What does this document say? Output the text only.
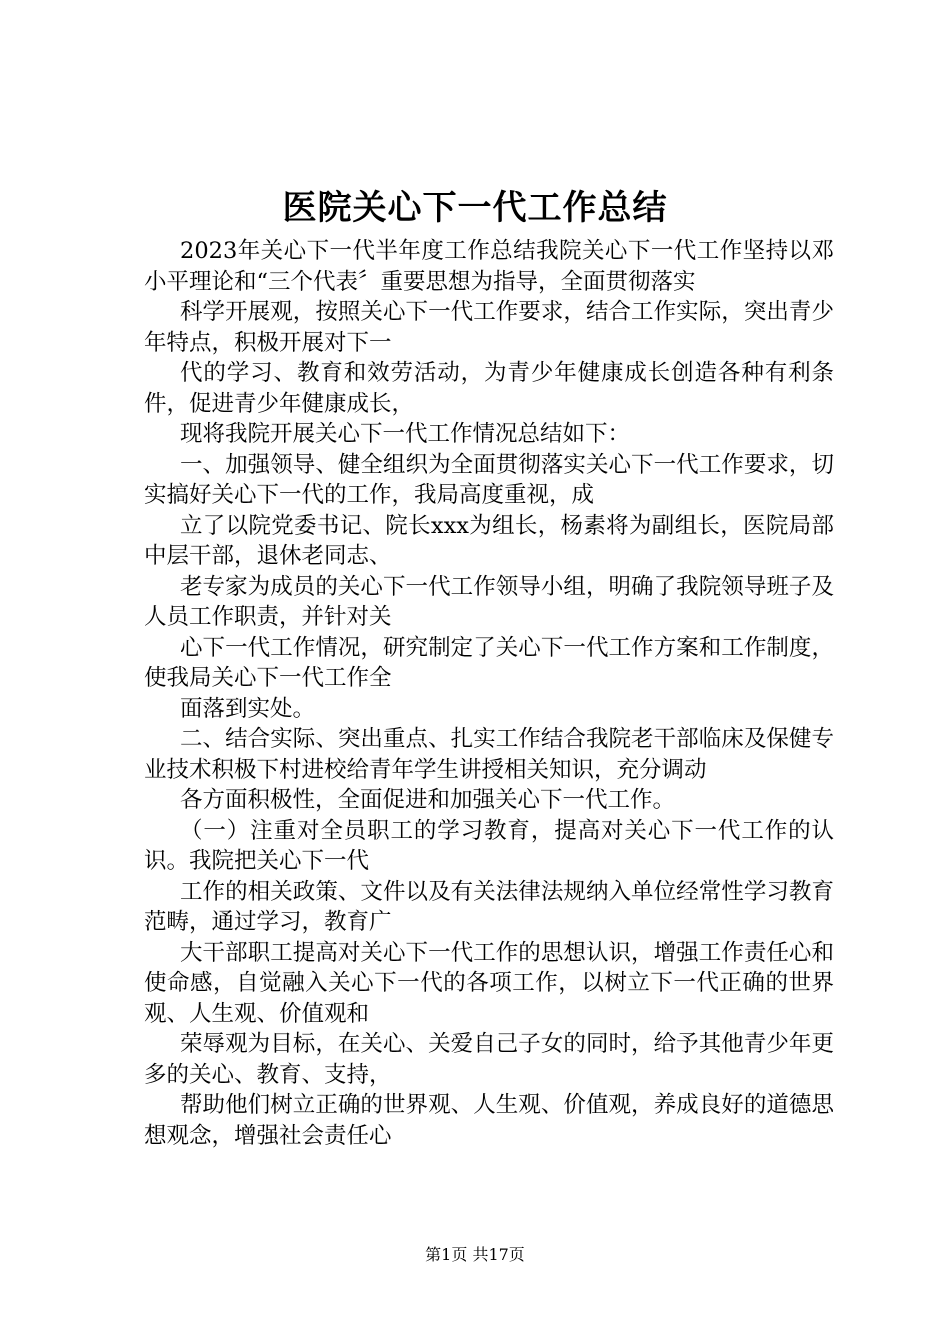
医院关心下一代工作总结

2023年关心下一代半年度工作总结我院关心下一代工作坚持以邓小平理论和“三个代表〞重要思想为指导，全面贯彻落实

科学开展观，按照关心下一代工作要求，结合工作实际，突出青少年特点，积极开展对下一

代的学习、教育和效劳活动，为青少年健康成长创造各种有利条件，促进青少年健康成长，

现将我院开展关心下一代工作情况总结如下：

一、加强领导、健全组织为全面贯彻落实关心下一代工作要求，切实搞好关心下一代的工作，我局高度重视，成

立了以院党委书记、院长xxx为组长，杨素将为副组长，医院局部中层干部，退休老同志、

老专家为成员的关心下一代工作领导小组，明确了我院领导班子及人员工作职责，并针对关

心下一代工作情况，研究制定了关心下一代工作方案和工作制度，使我局关心下一代工作全

面落到实处。

二、结合实际、突出重点、扎实工作结合我院老干部临床及保健专业技术积极下村进校给青年学生讲授相关知识，充分调动

各方面积极性，全面促进和加强关心下一代工作。

（一）注重对全员职工的学习教育，提高对关心下一代工作的认识。我院把关心下一代

工作的相关政策、文件以及有关法律法规纳入单位经常性学习教育范畴，通过学习，教育广

大干部职工提高对关心下一代工作的思想认识，增强工作责任心和使命感，自觉融入关心下一代的各项工作，以树立下一代正确的世界观、人生观、价值观和

荣辱观为目标，在关心、关爱自己子女的同时，给予其他青少年更多的关心、教育、支持，

帮助他们树立正确的世界观、人生观、价值观，养成良好的道德思想观念，增强社会责任心

第1页 共17页
